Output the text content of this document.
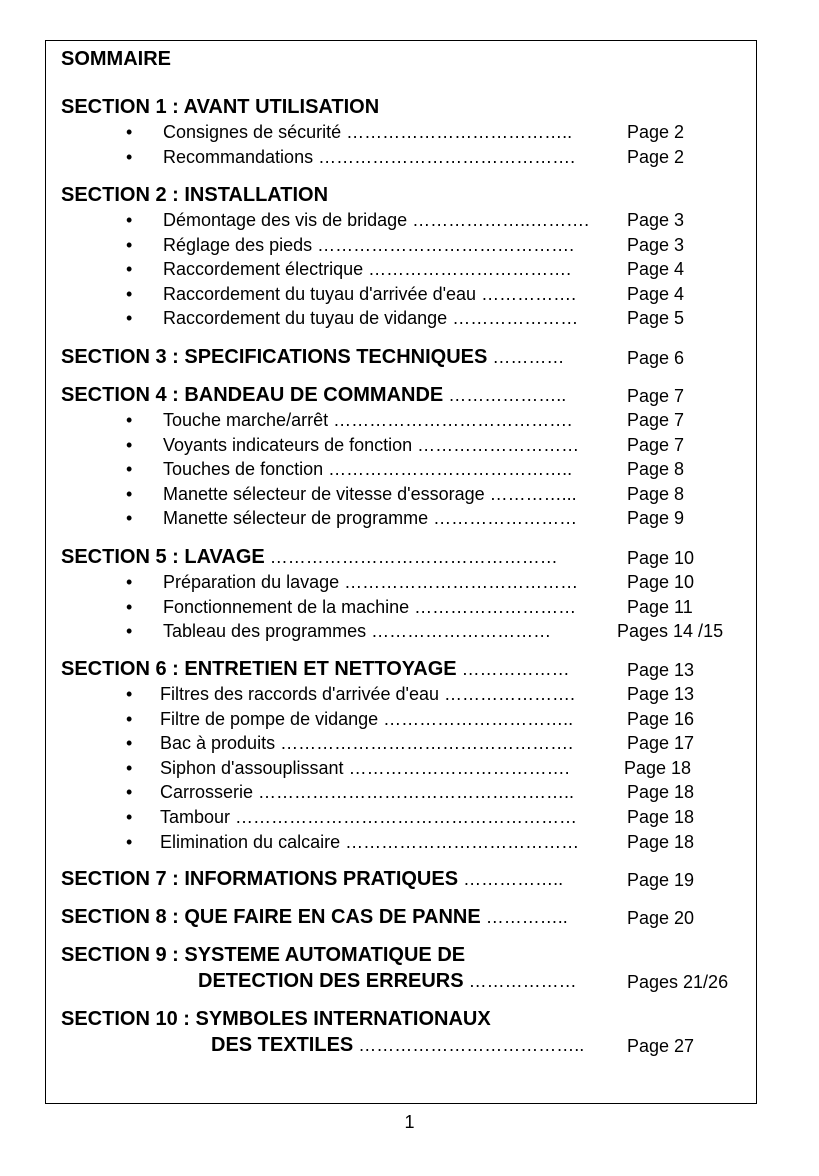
SOMMAIRE
SECTION 1 : AVANT UTILISATION
• Consignes de sécurité ………………………………..	Page 2
• Recommandations …………………………………….	Page 2
SECTION 2 : INSTALLATION
• Démontage des vis de bridage ………………..……….	Page 3
• Réglage des pieds …………………………………….	Page 3
• Raccordement électrique …………………………….	Page 4
• Raccordement du tuyau d'arrivée d'eau …………….	Page 4
• Raccordement du tuyau de vidange …………………	Page 5
SECTION 3 : SPECIFICATIONS TECHNIQUES …………	Page 6
SECTION 4 : BANDEAU DE COMMANDE ………………..	Page 7
• Touche marche/arrêt ………………………………….	Page 7
• Voyants indicateurs de fonction ………………………	Page 7
• Touches de fonction …………………………………..	Page 8
• Manette sélecteur de vitesse d'essorage …………...	Page 8
• Manette sélecteur de programme ……………………	Page 9
SECTION 5 : LAVAGE …………………………………………	Page 10
• Préparation du lavage …………………………………	Page 10
• Fonctionnement de la machine ………………………	Page 11
• Tableau des programmes …………………………	Pages 14 /15
SECTION 6 : ENTRETIEN ET NETTOYAGE ………………	Page 13
• Filtres des raccords d'arrivée d'eau ………………….	Page 13
• Filtre de pompe de vidange …………………………..	Page 16
• Bac à produits ………………………………………….	Page 17
• Siphon d'assouplissant ……………………………….	Page 18
• Carrosserie ……………………………………………..	Page 18
• Tambour …………………………………………………	Page 18
• Elimination du calcaire …………………………………	Page 18
SECTION 7 : INFORMATIONS PRATIQUES ……………..	Page 19
SECTION 8 : QUE FAIRE EN CAS DE PANNE …………..	Page 20
SECTION 9 : SYSTEME AUTOMATIQUE DE
DETECTION DES ERREURS ………………	Pages 21/26
SECTION 10 : SYMBOLES INTERNATIONAUX
DES TEXTILES ………………………………..	Page 27
1
